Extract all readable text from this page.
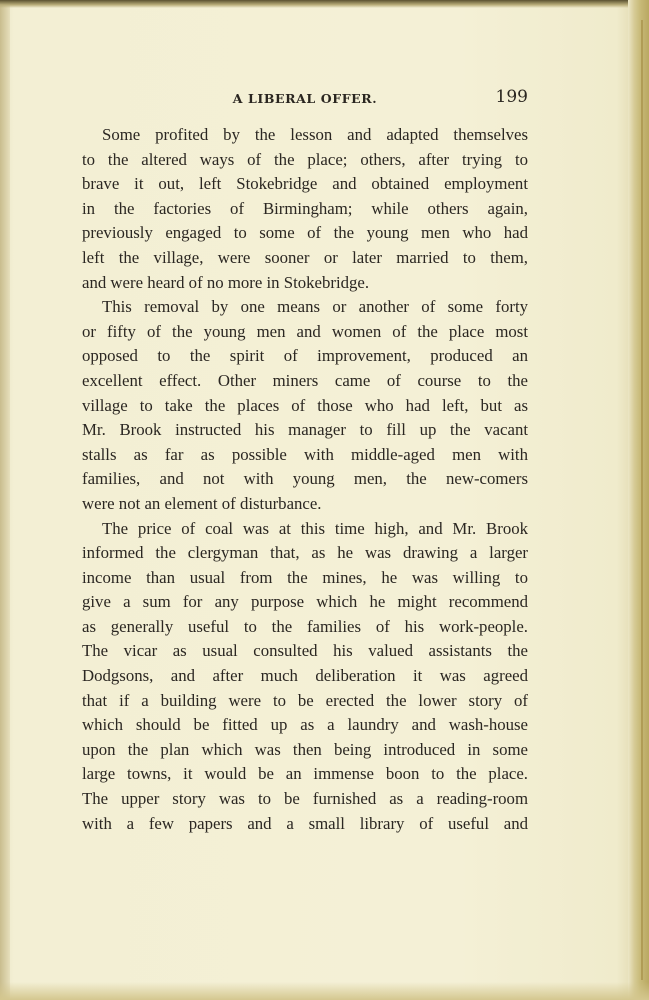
A LIBERAL OFFER.	199
Some profited by the lesson and adapted themselves
to the altered ways of the place; others, after trying to
brave it out, left Stokebridge and obtained employment
in the factories of Birmingham; while others again,
previously engaged to some of the young men who had
left the village, were sooner or later married to them,
and were heard of no more in Stokebridge.
This removal by one means or another of some forty
or fifty of the young men and women of the place most
opposed to the spirit of improvement, produced an
excellent effect. Other miners came of course to the
village to take the places of those who had left, but as
Mr. Brook instructed his manager to fill up the vacant
stalls as far as possible with middle-aged men with
families, and not with young men, the new-comers
were not an element of disturbance.
The price of coal was at this time high, and Mr. Brook
informed the clergyman that, as he was drawing a larger
income than usual from the mines, he was willing to
give a sum for any purpose which he might recommend
as generally useful to the families of his work-people.
The vicar as usual consulted his valued assistants the
Dodgsons, and after much deliberation it was agreed
that if a building were to be erected the lower story of
which should be fitted up as a laundry and wash-house
upon the plan which was then being introduced in some
large towns, it would be an immense boon to the place.
The upper story was to be furnished as a reading-room
with a few papers and a small library of useful and
